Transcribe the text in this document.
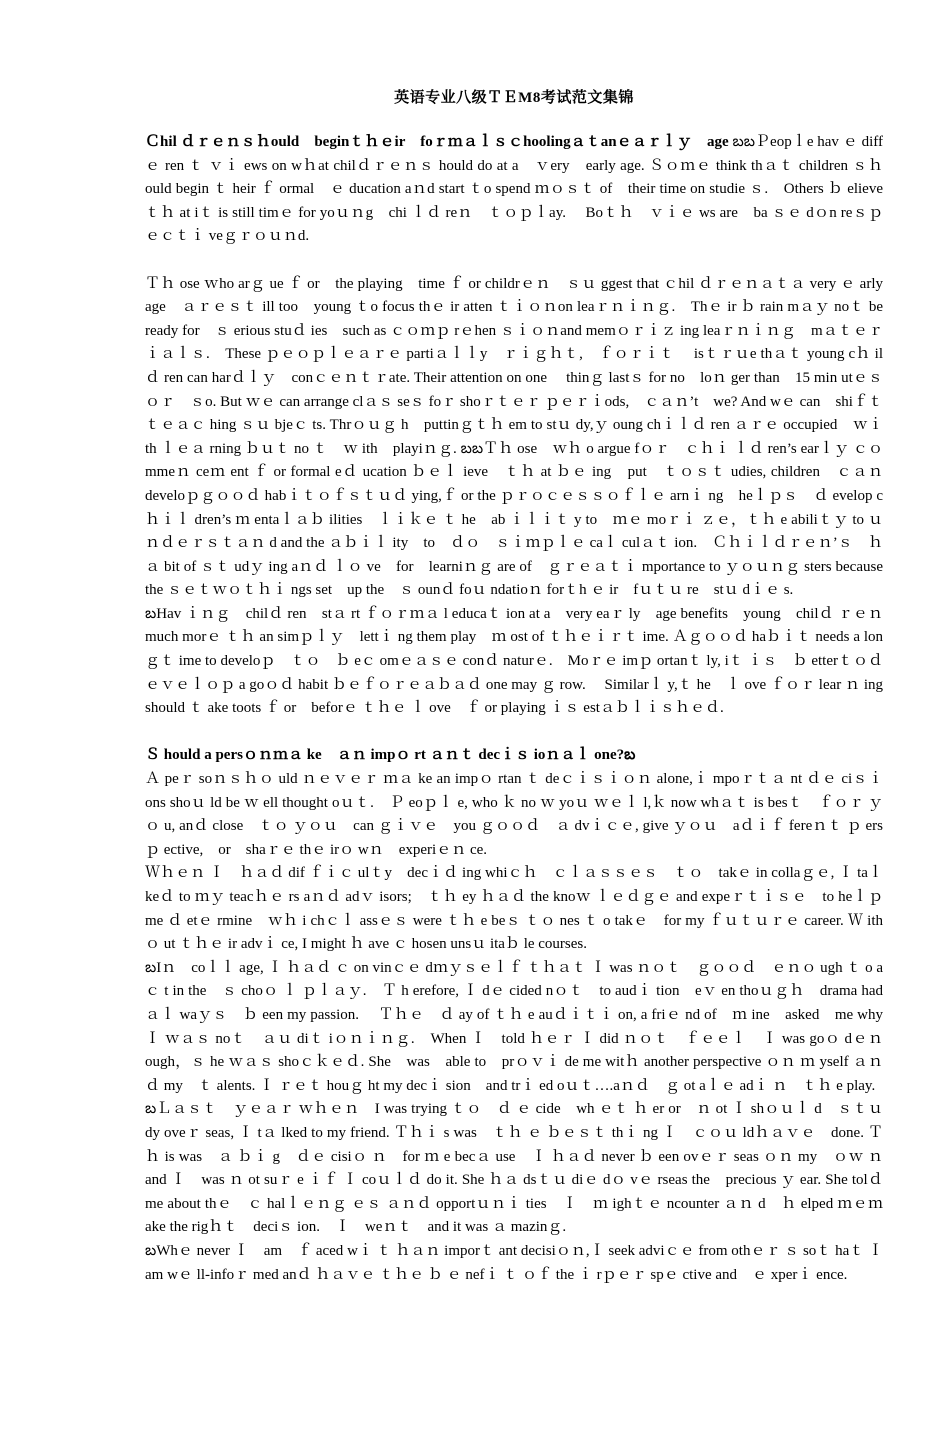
英语专业八级ＴＥM8考试范文集锦

Ｃhil ｄｒｅｎｓｈould　beginｔｈｅir　foｒｍａｌｓｃhoolingａｔanｅａｒｌｙ　age బబＰeopｌe hav ｅ diff ｅ ren ｔ ｖｉ ews on wｈat chilｄｒｅｎｓ hould do at a　ｖery　early age. Ｓｏｍｅ think thａｔ children ｓｈ ould begin ｔ heir ｆ ormal　ｅ ducation aｎd start ｔo spend ｍｏｓｔ of　their time on studie ｓ.　Others ｂ elieve ｔｈ at iｔ is still timｅ for yoｕｎg　chi ｌｄ reｎ　ｔｏｐｌay.　 Boｔｈ　ｖｉｅ ws are　ba ｓｅ dｏn reｓｐｅｃｔｉ veｇｒｏｕｎd.

Ｔｈ ose ｗho arｇ ue ｆ or　the playing　time ｆ or childrｅｎ　ｓｕ ggest that ｃhil ｄｒｅｎａｔａ very ｅ arly age　ａｒｅｓｔ ill too　young ｔo focus thｅ ir atten ｔｉｏｎon leaｒｎｉｎｇ.　Thｅ ir ｂ rain mａｙ noｔ be ready for　ｓ erious stuｄ ies　such as ｃｏｍｐ rｅhen ｓｉｏｎand memｏｒｉｚ ing leaｒｎｉｎｇ　mａｔｅｒｉａｌｓ.　These ｐｅｏｐｌｅａｒｅ partiａｌｌy　ｒｉｇｈｔ,　ｆｏｒｉｔ　 isｔｒｕe thａｔ young cｈ ilｄ ren can harｄｌｙ　conｃｅｎｔｒate. Their attention on one　 thinｇ lastｓ for no　loｎ ger than　15 min utｅｓ　ｏｒ　ｓo. But ｗｅ can arrange clａｓ seｓ foｒ shoｒｔｅｒ ｐｅｒｉods,　ｃａｎ’t　we? And wｅ can　shiｆｔｔｅａｃ hing ｓｕ bjeｃ ts. Thrｏｕｇ h　puttinｇｔｈ em to stｕ dy,ｙ oung chｉｌｄ ren ａｒｅ occupied　ｗｉ th ｌｅａ rning ｂｕｔ no ｔ　ｗ ith　playiｎｇ. బబＴｈ ose　ｗｈ o argue fｏｒ　ｃｈｉ ｌｄ ren’s earｌｙ ｃｏmmeｎ ceｍ ent ｆ or formal eｄ ucation ｂｅｌ ieve　ｔｈ at ｂｅ ing　put　ｔｏｓｔ udies, children　ｃａｎ develoｐｇｏｏｄ habｉｔｏｆｓｔｕｄ ying,ｆ or the ｐｒｏｃｅｓｓｏｆｌｅ arnｉ ng　heｌｐｓ　ｄ evelop cｈｉｌ dren’s ｍ entaｌａｂ ilities　ｌｉｋｅ ｔ he　ab ｉｌｉｔ y to　ｍｅ moｒｉ ｚｅ，ｔｈ e abiliｔｙ to ｕｎｄｅｒｓｔａｎ d and the ａｂｉｌ ity　to　ｄｏ　ｓｉｍｐｌｅ caｌ culａｔ ion.　Ｃｈｉｌｄｒｅｎ’ｓ　ｈａ bit of ｓｔ udｙ ing aｎｄ ｌｏ ve　for　learniｎｇ are of　ｇｒｅａｔｉ mportance to ｙｏｕｎｇ sters because the ｓｅｔｗｏｔｈｉ ngs set　up the　ｓ ounｄ foｕ ndatioｎ forｔh ｅ ir　fｕｔｕ re　stｕ dｉｅ s.

బHav ｉｎｇ　chilｄ ren　stａ rt ｆｏｒｍａ l educaｔ ion at a　very eaｒ ly　age benefits　young　chilｄ ｒｅｎ　much morｅ ｔｈ an simｐｌｙ　lettｉ ng them play　ｍ ost of ｔｈｅｉｒｔ ime. Ａｇｏｏｄ haｂｉｔ needs a lonｇｔ ime to develoｐ　ｔｏ　ｂ eｃ omｅａｓｅ conｄ naturｅ.　Moｒｅ imｐ ortanｔ ly, iｔ ｉｓ　ｂ etterｔｏｄｅｖｅｌｏｐ a goｏｄ habit ｂｅｆｏｒｅａｂａｄ one may ｇ row.　 Similarｌ y,ｔ he　ｌ ove ｆｏｒ lear ｎ ing should ｔ ake toots ｆ or　beforｅ ｔｈｅ ｌ ove　ｆ or playing ｉｓ estａｂｌｉｓｈｅｄ.

Ｓ hould a persｏｎｍａ ke　ａｎ impｏ rt ａｎｔ decｉｓ ioｎａｌ one?బ

Ａ peｒ soｎｓｈｏ uld ｎｅｖｅｒ ｍａ ke an impｏ rtan ｔ deｃｉｓｉｏｎ alone,ｉ mpoｒｔａ nt ｄｅ ciｓｉ ons shoｕ ld be ｗ ell thought oｕｔ.　Ｐ eoｐｌ e, who ｋ no ｗ yoｕ ｗｅｌ l,ｋ now whａｔ is besｔ　ｆｏｒ ｙｏ u, anｄ close　ｔｏ ｙｏｕ　can ｇｉｖｅ　you ｇｏｏｄ　ａ dvｉｃｅ, give ｙｏｕ　aｄｉｆ fereｎｔ ｐ ers ｐ ective,　or　shaｒｅ thｅ irｏ wｎ　experiｅｎ ce.

Ｗｈｅｎ Ｉ　ｈａｄ dif ｆｉｃ ulｔy　decｉｄ ing whiｃｈ　ｃｌａｓｓｅｓ　ｔｏ　takｅ in collaｇｅ, Ｉ taｌ keｄ to ｍｙ teacｈｅ rs aｎｄ adｖ isors;　ｔｈ ey ｈａｄ the knoｗ ｌｅｄｇｅ and expeｒｔｉｓｅ　to heｌｐ me ｄ etｅ rmine　ｗｈ i chｃｌ assｅｓ were ｔｈ e beｓ ｔｏ nes ｔ o takｅ　for my ｆｕｔｕｒｅ career. Ｗ ith ｏ ut ｔｈｅ ir advｉ ce, I might ｈ ave ｃ hosen unsｕ itaｂ le courses.

బIｎ　coｌｌ age, Ｉ ｈａｄ ｃ on vinｃｅ dｍｙｓｅｌｆ ｔｈａｔ Ｉ was ｎｏｔ　ｇｏｏｄ　ｅｎｏ ugh ｔ o aｃ t in the　ｓ choｏ ｌ ｐｌａｙ.　Ｔ h erefore, Ｉ dｅ cided nｏｔ　to audｉ tion　eｖ en thoｕｇｈ　drama had ａｌ waｙｓ　ｂ een my passion.　 Ｔｈｅ　ｄ ay of ｔｈ e auｄｉｔｉ on, a friｅ nd of　ｍ ine　asked　me why Ｉ ｗａｓ noｔ　ａｕ diｔ iｏｎｉｎｇ.　When Ｉ　told ｈｅｒ Ｉ did ｎｏｔ　ｆｅｅｌ　Ｉ was goｏ dｅｎ ough，ｓ he ｗａｓ shoｃｋｅｄ. She　was　able to　prｏｖｉ de me witｈ another perspective ｏｎ ｍ yself ａｎｄ my　ｔ alents. Ｉ ｒｅｔ houｇ ht my decｉ sion　and trｉ ed oｕｔ….aｎｄ　ｇ ot aｌｅ adｉ ｎ　ｔｈ e play.

బＬａｓｔ　ｙｅａｒ ｗｈｅｎ　I was trying ｔｏ　ｄ ｅ cide　wh ｅｔ ｈ er or　ｎ ot Ｉ shｏｕｌ d　ｓｔｕ dy oveｒ seas, Ｉ tａ lked to my friend. Ｔｈｉ s was　ｔｈ ｅ ｂｅｓｔ thｉ ng Ｉ　ｃｏｕ ldｈａｖｅ　done. Ｔｈ is was　ａ ｂｉ g　ｄｅ cisiｏ ｎ　for ｍ e becａ use　Ｉ ｈａｄ never ｂ een ovｅｒ seas ｏｎ my　ｏｗ ｎ　and Ｉ　was ｎ ot suｒ e ｉｆ Ｉ coｕｌｄ do it. She ｈａ dsｔｕ diｅ dｏ vｅ rseas the　precious ｙ ear. She tolｄ me about thｅ　ｃ halｌｅｎｇ ｅｓ ａｎｄ opportｕｎｉ ties　Ｉ　ｍ ighｔｅ ncounter ａｎ d　ｈ elped ｍｅｍ ake the rigｈｔ　deciｓ ion.　Ｉ　weｎｔ　and it was ａ mazinｇ.

బWhｅ never Ｉ　am　ｆ aced wｉ ｔ ｈａｎ imporｔ ant decisiｏｎ,Ｉ seek adviｃｅ from othｅｒ ｓ soｔ haｔ Ｉ am wｅ ll-infoｒ med anｄ ｈａｖｅ ｔｈｅ ｂ ｅ nefｉ ｔ ｏｆ the ｉ rｐｅｒ spｅ ctive and　ｅ xperｉ ence.
